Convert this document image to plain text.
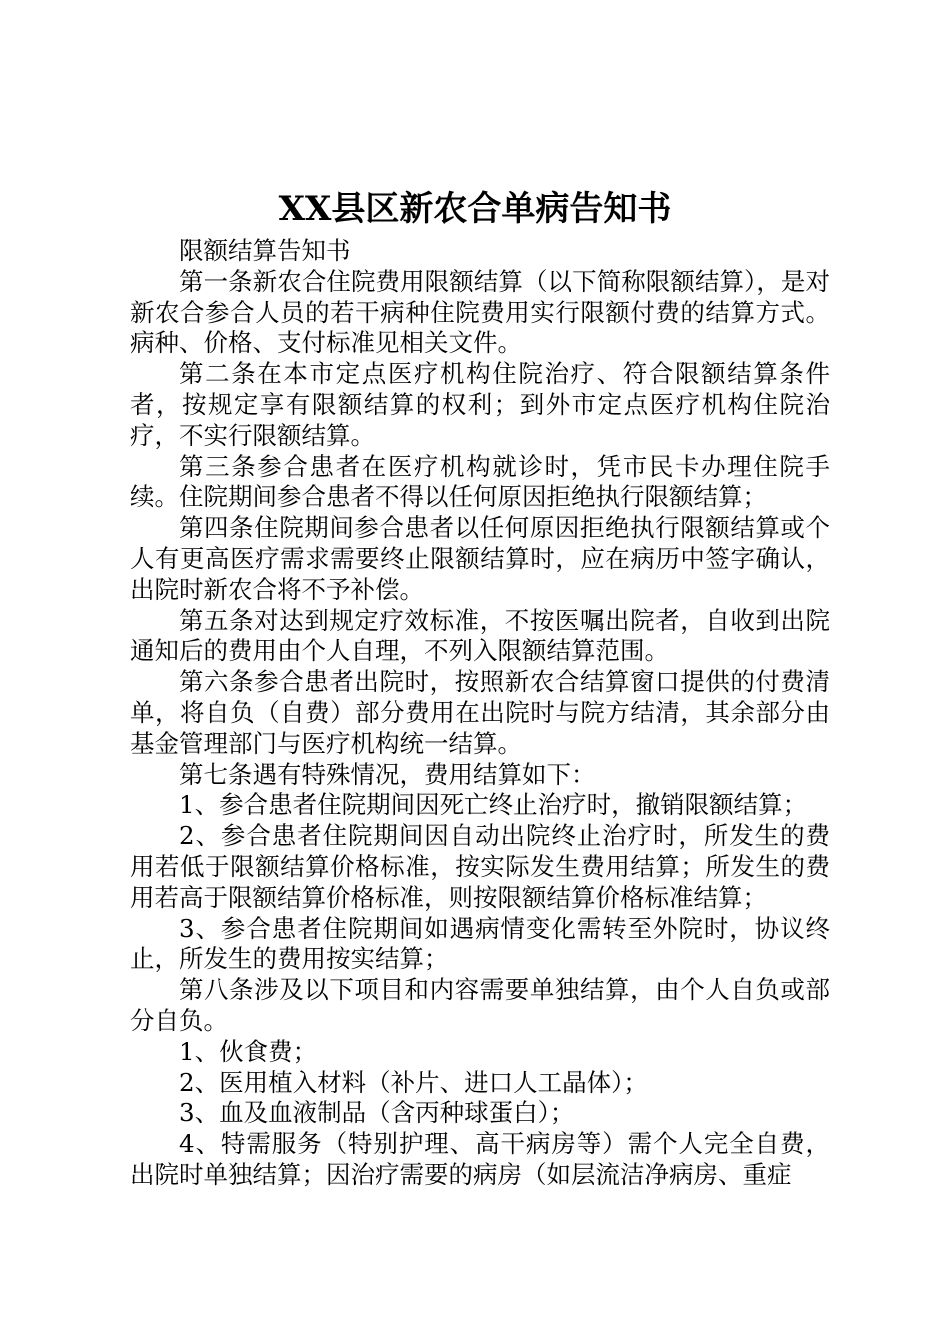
XX县区新农合单病告知书

限额结算告知书

第一条新农合住院费用限额结算（以下简称限额结算），是对新农合参合人员的若干病种住院费用实行限额付费的结算方式。病种、价格、支付标准见相关文件。

第二条在本市定点医疗机构住院治疗、符合限额结算条件者，按规定享有限额结算的权利；到外市定点医疗机构住院治疗，不实行限额结算。

第三条参合患者在医疗机构就诊时，凭市民卡办理住院手续。住院期间参合患者不得以任何原因拒绝执行限额结算；

第四条住院期间参合患者以任何原因拒绝执行限额结算或个人有更高医疗需求需要终止限额结算时，应在病历中签字确认，出院时新农合将不予补偿。

第五条对达到规定疗效标准，不按医嘱出院者，自收到出院通知后的费用由个人自理，不列入限额结算范围。

第六条参合患者出院时，按照新农合结算窗口提供的付费清单，将自负（自费）部分费用在出院时与院方结清，其余部分由基金管理部门与医疗机构统一结算。

第七条遇有特殊情况，费用结算如下：

1、参合患者住院期间因死亡终止治疗时，撤销限额结算；

2、参合患者住院期间因自动出院终止治疗时，所发生的费用若低于限额结算价格标准，按实际发生费用结算；所发生的费用若高于限额结算价格标准，则按限额结算价格标准结算；

3、参合患者住院期间如遇病情变化需转至外院时，协议终止，所发生的费用按实结算；

第八条涉及以下项目和内容需要单独结算，由个人自负或部分自负。

1、伙食费；

2、医用植入材料（补片、进口人工晶体）；

3、血及血液制品（含丙种球蛋白）；

4、特需服务（特别护理、高干病房等）需个人完全自费，出院时单独结算；因治疗需要的病房（如层流洁净病房、重症
